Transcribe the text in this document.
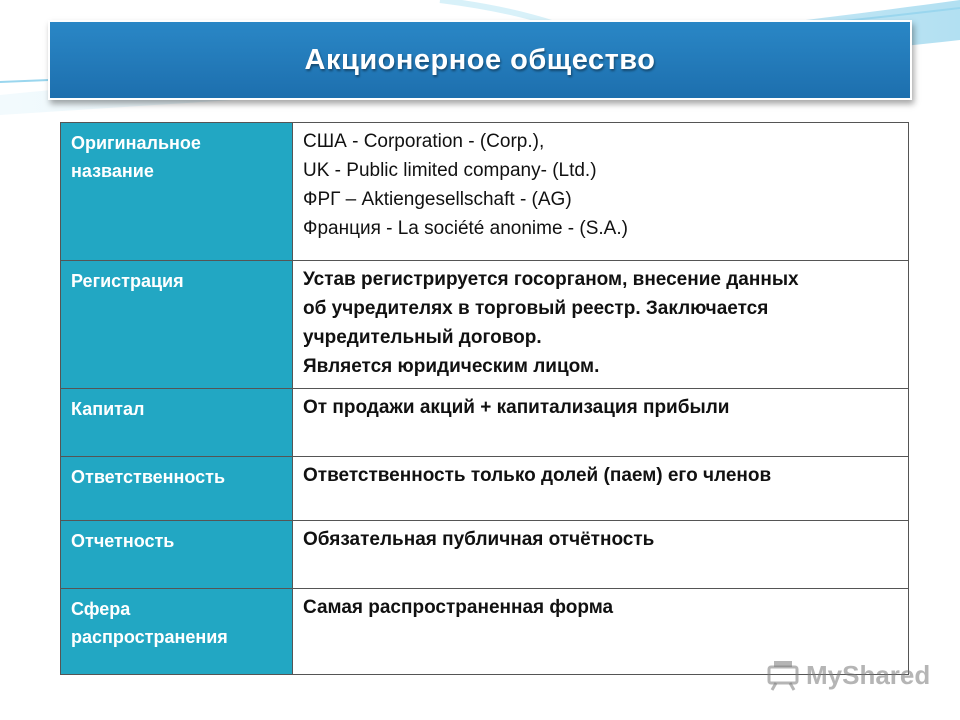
Акционерное общество
Оригинальное название	США - Corporation - (Corp.),
UK - Public limited company- (Ltd.)
ФРГ – Aktiengesellschaft - (AG)
Франция - La société anonime - (S.A.)

Регистрация	Устав регистрируется госорганом, внесение данных
об учредителях в торговый реестр. Заключается
учредительный договор.
Является юридическим лицом.

Капитал	От продажи акций + капитализация прибыли

Ответственность	Ответственность только долей (паем) его членов

Отчетность	Обязательная публичная отчётность

Сфера распространения	Самая распространенная форма
MyShared
